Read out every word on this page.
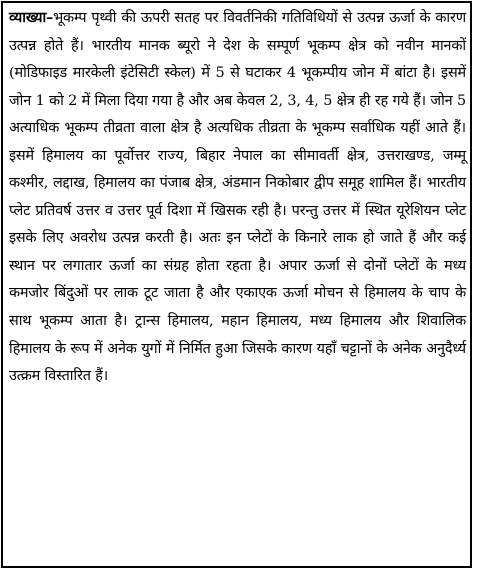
व्याख्या–भूकम्प पृथ्वी की ऊपरी सतह पर विवर्तनिकी गतिविधियों से उत्पन्न ऊर्जा के कारण उत्पन्न होते हैं। भारतीय मानक ब्यूरो ने देश के सम्पूर्ण भूकम्प क्षेत्र को नवीन मानकों (मोडिफाइड मारकेली इंटेसिटी स्केल) में 5 से घटाकर 4 भूकम्पीय जोन में बांटा है। इसमें जोन 1 को 2 में मिला दिया गया है और अब केवल 2, 3, 4, 5 क्षेत्र ही रह गये हैं। जोन 5 अत्याधिक भूकम्प तीव्रता वाला क्षेत्र है अत्यधिक तीव्रता के भूकम्प सर्वाधिक यहीं आते हैं। इसमें हिमालय का पूर्वोत्तर राज्य, बिहार नेपाल का सीमावर्ती क्षेत्र, उत्तराखण्ड, जम्मू कश्मीर, लद्दाख, हिमालय का पंजाब क्षेत्र, अंडमान निकोबार द्वीप समूह शामिल हैं। भारतीय प्लेट प्रतिवर्ष उत्तर व उत्तर पूर्व दिशा में खिसक रही है। परन्तु उत्तर में स्थित यूरेशियन प्लेट इसके लिए अवरोध उत्पन्न करती है। अतः इन प्लेटों के किनारे लाक हो जाते हैं और कई स्थान पर लगातार ऊर्जा का संग्रह होता रहता है। अपार ऊर्जा से दोनों प्लेटों के मध्य कमजोर बिंदुओं पर लाक टूट जाता है और एकाएक ऊर्जा मोचन से हिमालय के चाप के साथ भूकम्प आता है। ट्रान्स हिमालय, महान हिमालय, मध्य हिमालय और शिवालिक हिमालय के रूप में अनेक युगों में निर्मित हुआ जिसके कारण यहाँ चट्टानों के अनेक अनुदैर्ध्य उत्क्रम विस्तारित हैं।
